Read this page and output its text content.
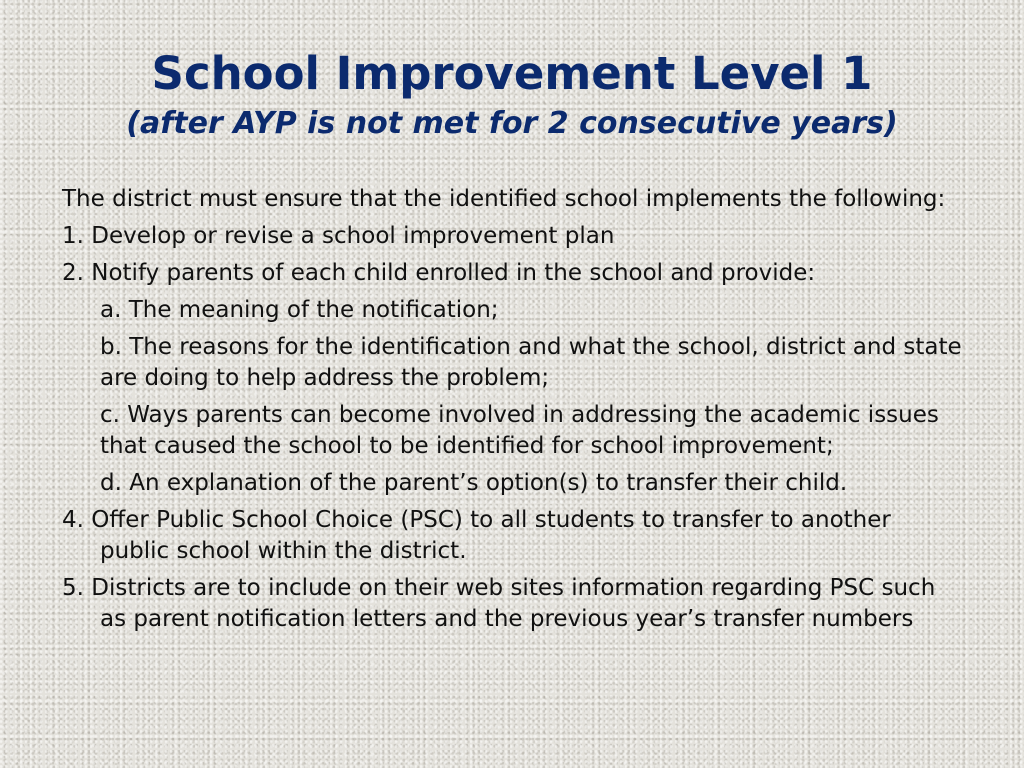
School Improvement Level 1
(after AYP is not met for 2 consecutive years)

The district must ensure that the identified school implements the following:

1. Develop or revise a school improvement plan

2. Notify parents of each child enrolled in the school and provide:

a. The meaning of the notification;

b. The reasons for the identification and what the school, district and state are doing to help address the problem;

c. Ways parents can become involved in addressing the academic issues that caused the school to be identified for school improvement;

d. An explanation of the parent’s option(s) to transfer their child.

4. Offer Public School Choice (PSC) to all students to transfer to another public school within the district.

5. Districts are to include on their web sites information regarding PSC such as parent notification letters and the previous year’s transfer numbers
